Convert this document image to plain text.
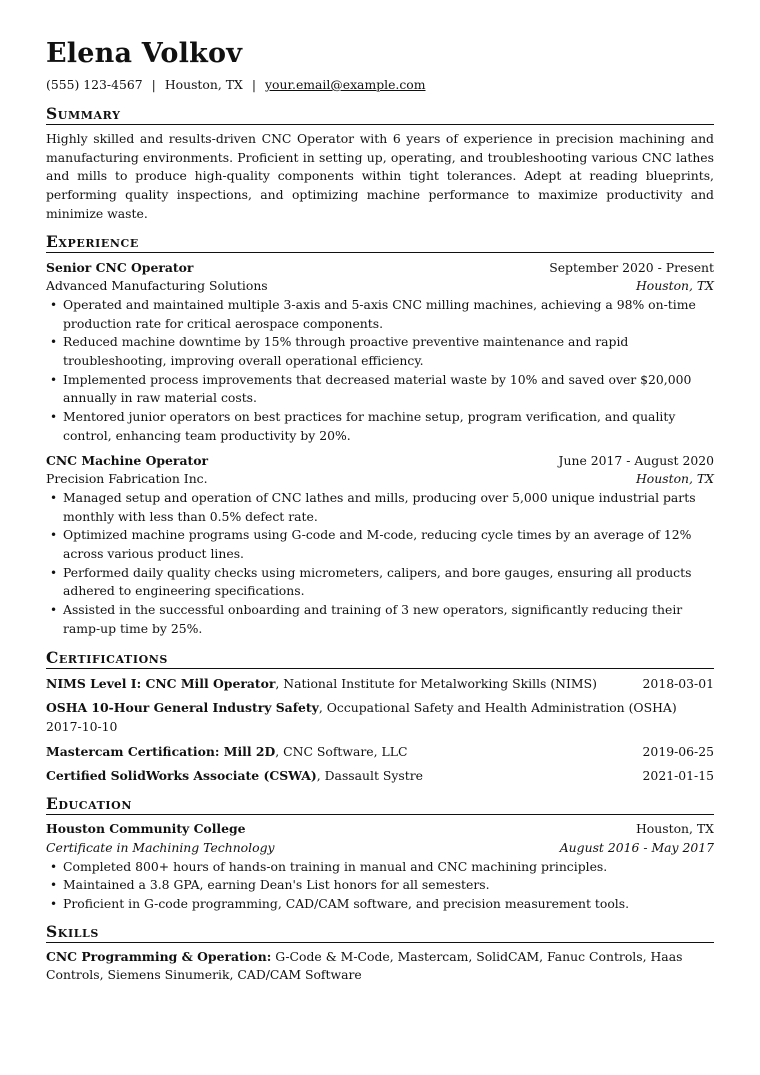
Elena Volkov
(555) 123-4567 | Houston, TX | your.email@example.com
Summary
Highly skilled and results-driven CNC Operator with 6 years of experience in precision machining and manufacturing environments. Proficient in setting up, operating, and troubleshooting various CNC lathes and mills to produce high-quality components within tight tolerances. Adept at reading blueprints, performing quality inspections, and optimizing machine performance to maximize productivity and minimize waste.
Experience
Senior CNC Operator	September 2020 - Present
Advanced Manufacturing Solutions	Houston, TX
• Operated and maintained multiple 3-axis and 5-axis CNC milling machines, achieving a 98% on-time production rate for critical aerospace components.
• Reduced machine downtime by 15% through proactive preventive maintenance and rapid troubleshooting, improving overall operational efficiency.
• Implemented process improvements that decreased material waste by 10% and saved over $20,000 annually in raw material costs.
• Mentored junior operators on best practices for machine setup, program verification, and quality control, enhancing team productivity by 20%.
CNC Machine Operator	June 2017 - August 2020
Precision Fabrication Inc.	Houston, TX
• Managed setup and operation of CNC lathes and mills, producing over 5,000 unique industrial parts monthly with less than 0.5% defect rate.
• Optimized machine programs using G-code and M-code, reducing cycle times by an average of 12% across various product lines.
• Performed daily quality checks using micrometers, calipers, and bore gauges, ensuring all products adhered to engineering specifications.
• Assisted in the successful onboarding and training of 3 new operators, significantly reducing their ramp-up time by 25%.
Certifications
NIMS Level I: CNC Mill Operator, National Institute for Metalworking Skills (NIMS)	2018-03-01
OSHA 10-Hour General Industry Safety, Occupational Safety and Health Administration (OSHA)
2017-10-10
Mastercam Certification: Mill 2D, CNC Software, LLC	2019-06-25
Certified SolidWorks Associate (CSWA), Dassault Systre	2021-01-15
Education
Houston Community College	Houston, TX
Certificate in Machining Technology	August 2016 - May 2017
• Completed 800+ hours of hands-on training in manual and CNC machining principles.
• Maintained a 3.8 GPA, earning Dean's List honors for all semesters.
• Proficient in G-code programming, CAD/CAM software, and precision measurement tools.
Skills
CNC Programming & Operation: G-Code & M-Code, Mastercam, SolidCAM, Fanuc Controls, Haas Controls, Siemens Sinumerik, CAD/CAM Software
